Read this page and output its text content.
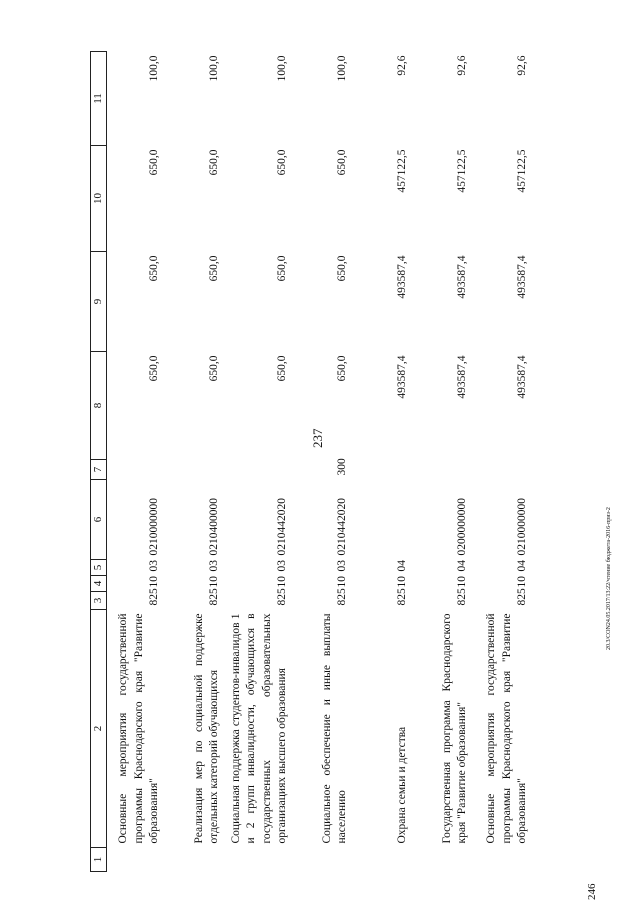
237
20.3/CON24.05.2017/13:22/чтение бюджета-2016-приз-2
246
1	2	3	4	5	6	7	8	9	10	11
	Основные мероприятия государственной программы Краснодарского края "Развитие образования"	825	10	03	0210000000		650,0	650,0	650,0	100,0
	Реализация мер по социальной поддержке отдельных категорий обучающихся	825	10	03	0210400000		650,0	650,0	650,0	100,0
	Социальная поддержка студентов-инвалидов 1 и 2 групп инвалидности, обучающихся в государственных образовательных организациях высшего образования	825	10	03	0210442020		650,0	650,0	650,0	100,0
	Социальное обеспечение и иные выплаты населению	825	10	03	0210442020	300	650,0	650,0	650,0	100,0
	Охрана семьи и детства	825	10	04			493587,4	493587,4	457122,5	92,6
	Государственная программа Краснодарского края "Развитие образования"	825	10	04	0200000000		493587,4	493587,4	457122,5	92,6
	Основные мероприятия государственной программы Краснодарского края "Развитие образования"	825	10	04	0210000000		493587,4	493587,4	457122,5	92,6
